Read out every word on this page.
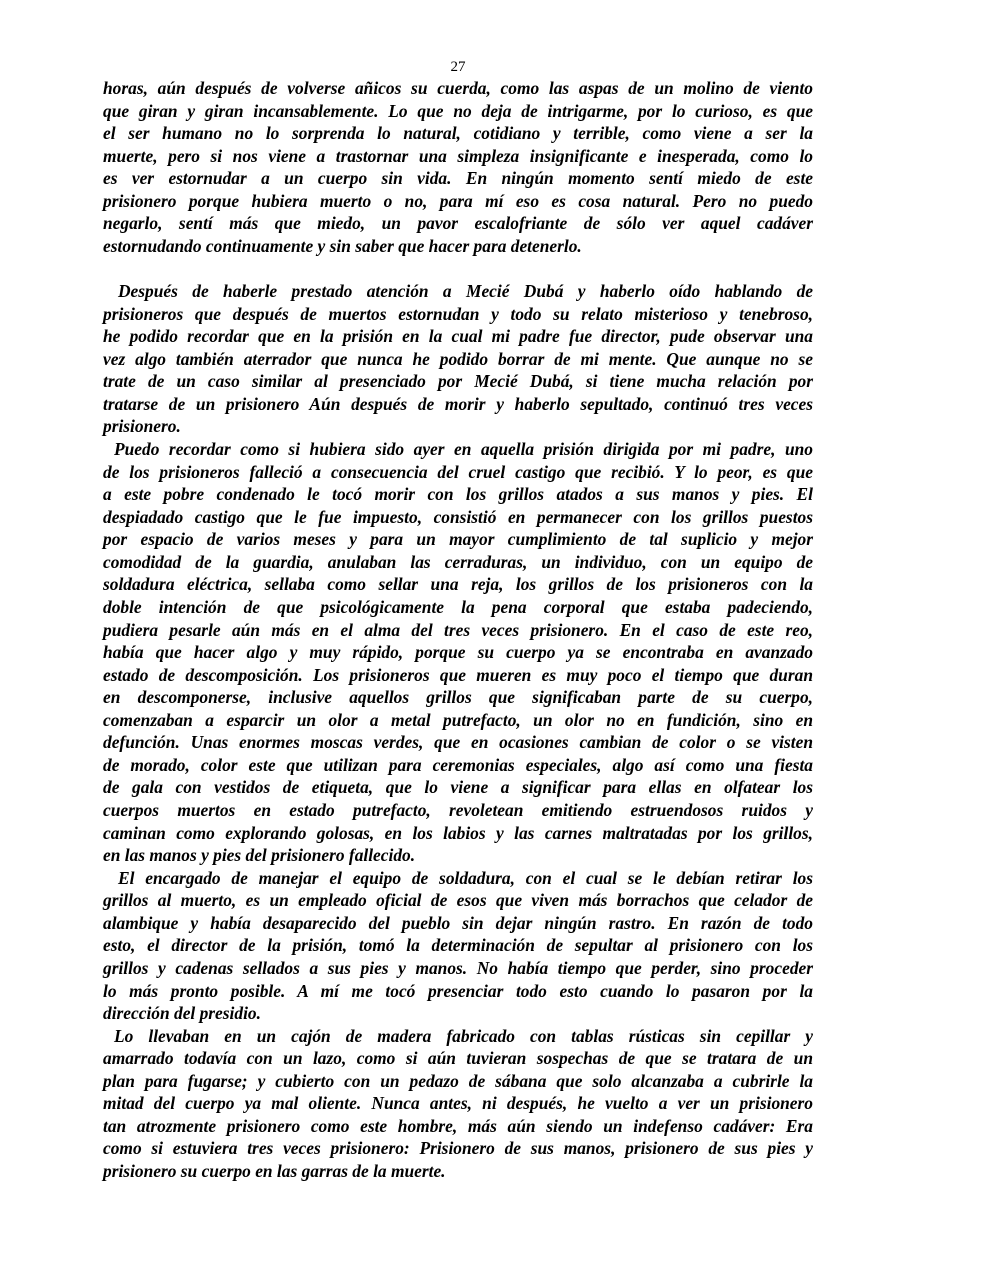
27
horas, aún después de volverse añicos su cuerda, como las aspas de un molino de viento
que giran y giran incansablemente. Lo que no deja de intrigarme, por lo curioso, es que
el ser humano no lo sorprenda lo natural, cotidiano y terrible, como viene a ser la
muerte, pero si nos viene a trastornar una simpleza insignificante e inesperada, como lo
es ver estornudar a un cuerpo sin vida. En ningún momento sentí miedo de este
prisionero porque hubiera muerto o no, para mí eso es cosa natural. Pero no puedo
negarlo, sentí más que miedo, un pavor escalofriante de sólo ver aquel cadáver
estornudando continuamente y sin saber que hacer para detenerlo.
Después de haberle prestado atención a Mecié Dubá y haberlo oído hablando de
prisioneros que después de muertos estornudan y todo su relato misterioso y tenebroso,
he podido recordar que en la prisión en la cual mi padre fue director, pude observar una
vez algo también aterrador que nunca he podido borrar de mi mente. Que aunque no se
trate de un caso similar al presenciado por Mecié Dubá, si tiene mucha relación por
tratarse de un prisionero Aún después de morir y haberlo sepultado, continuó tres veces
prisionero.
Puedo recordar como si hubiera sido ayer en aquella prisión dirigida por mi padre, uno
de los prisioneros falleció a consecuencia del cruel castigo que recibió. Y lo peor, es que
a este pobre condenado le tocó morir con los grillos atados a sus manos y pies. El
despiadado castigo que le fue impuesto, consistió en permanecer con los grillos puestos
por espacio de varios meses y para un mayor cumplimiento de tal suplicio y mejor
comodidad de la guardia, anulaban las cerraduras, un individuo, con un equipo de
soldadura eléctrica, sellaba como sellar una reja, los grillos de los prisioneros con la
doble intención de que psicológicamente la pena corporal que estaba padeciendo,
pudiera pesarle aún más en el alma del tres veces prisionero. En el caso de este reo,
había que hacer algo y muy rápido, porque su cuerpo ya se encontraba en avanzado
estado de descomposición. Los prisioneros que mueren es muy poco el tiempo que duran
en descomponerse, inclusive aquellos grillos que significaban parte de su cuerpo,
comenzaban a esparcir un olor a metal putrefacto, un olor no en fundición, sino en
defunción. Unas enormes moscas verdes, que en ocasiones cambian de color o se visten
de morado, color este que utilizan para ceremonias especiales, algo así como una fiesta
de gala con vestidos de etiqueta, que lo viene a significar para ellas en olfatear los
cuerpos muertos en estado putrefacto, revoletean emitiendo estruendosos ruidos y
caminan como explorando golosas, en los labios y las carnes maltratadas por los grillos,
en las manos y pies del prisionero fallecido.
El encargado de manejar el equipo de soldadura, con el cual se le debían retirar los
grillos al muerto, es un empleado oficial de esos que viven más borrachos que celador de
alambique y había desaparecido del pueblo sin dejar ningún rastro. En razón de todo
esto, el director de la prisión, tomó la determinación de sepultar al prisionero con los
grillos y cadenas sellados a sus pies y manos. No había tiempo que perder, sino proceder
lo más pronto posible. A mí me tocó presenciar todo esto cuando lo pasaron por la
dirección del presidio.
Lo llevaban en un cajón de madera fabricado con tablas rústicas sin cepillar y
amarrado todavía con un lazo, como si aún tuvieran sospechas de que se tratara de un
plan para fugarse; y cubierto con un pedazo de sábana que solo alcanzaba a cubrirle la
mitad del cuerpo ya mal oliente. Nunca antes, ni después, he vuelto a ver un prisionero
tan atrozmente prisionero como este hombre, más aún siendo un indefenso cadáver: Era
como si estuviera tres veces prisionero: Prisionero de sus manos, prisionero de sus pies y
prisionero su cuerpo en las garras de la muerte.
